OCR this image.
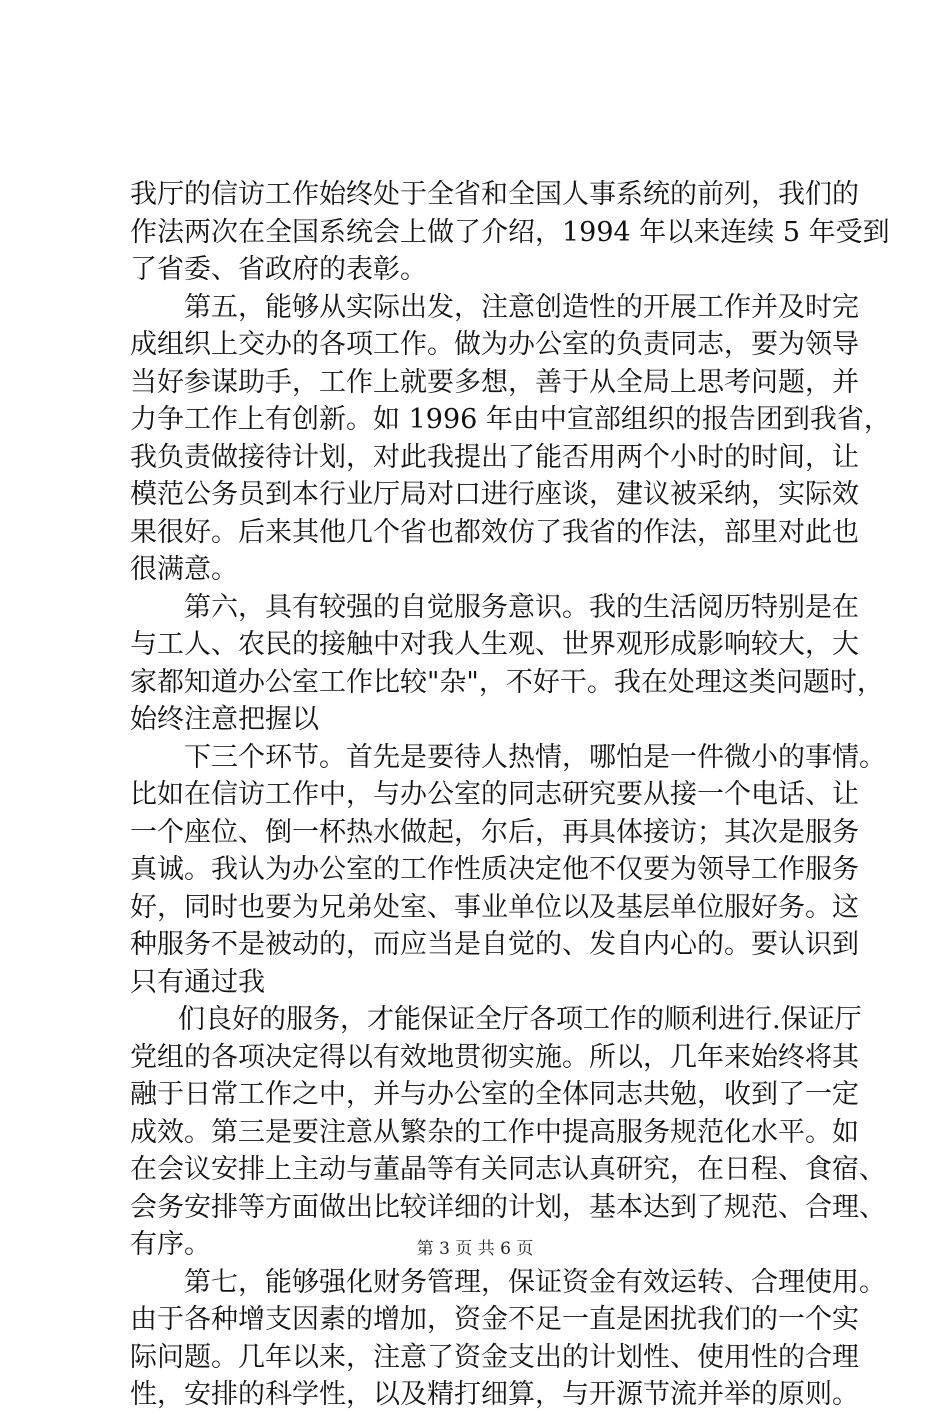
我厅的信访工作始终处于全省和全国人事系统的前列，我们的
作法两次在全国系统会上做了介绍，1994 年以来连续 5 年受到
了省委、省政府的表彰。
第五，能够从实际出发，注意创造性的开展工作并及时完
成组织上交办的各项工作。做为办公室的负责同志，要为领导
当好参谋助手，工作上就要多想，善于从全局上思考问题，并
力争工作上有创新。如 1996 年由中宣部组织的报告团到我省，
我负责做接待计划，对此我提出了能否用两个小时的时间，让
模范公务员到本行业厅局对口进行座谈，建议被采纳，实际效
果很好。后来其他几个省也都效仿了我省的作法，部里对此也
很满意。
第六，具有较强的自觉服务意识。我的生活阅历特别是在
与工人、农民的接触中对我人生观、世界观形成影响较大，大
家都知道办公室工作比较"杂"，不好干。我在处理这类问题时，
始终注意把握以
下三个环节。首先是要待人热情，哪怕是一件微小的事情。
比如在信访工作中，与办公室的同志研究要从接一个电话、让
一个座位、倒一杯热水做起，尔后，再具体接访；其次是服务
真诚。我认为办公室的工作性质决定他不仅要为领导工作服务
好，同时也要为兄弟处室、事业单位以及基层单位服好务。这
种服务不是被动的，而应当是自觉的、发自内心的。要认识到
只有通过我
们良好的服务，才能保证全厅各项工作的顺利进行.保证厅
党组的各项决定得以有效地贯彻实施。所以，几年来始终将其
融于日常工作之中，并与办公室的全体同志共勉，收到了一定
成效。第三是要注意从繁杂的工作中提高服务规范化水平。如
在会议安排上主动与董晶等有关同志认真研究，在日程、食宿、
会务安排等方面做出比较详细的计划，基本达到了规范、合理、
有序。
第七，能够强化财务管理，保证资金有效运转、合理使用。
由于各种增支因素的增加，资金不足一直是困扰我们的一个实
际问题。几年以来，注意了资金支出的计划性、使用性的合理
性，安排的科学性，以及精打细算，与开源节流并举的原则。
第 3 页 共 6 页
